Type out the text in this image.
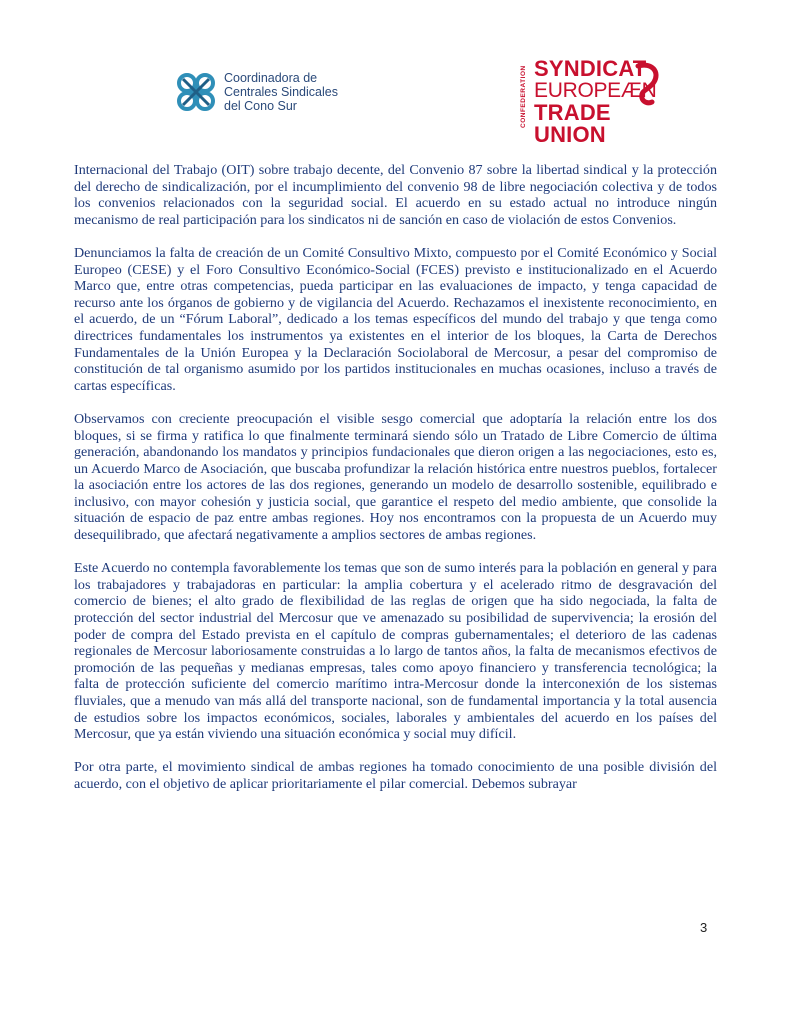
Coordinadora de
Centrales Sindicales
del Cono Sur	CONFEDERATION SYNDICAT
EUROPEÆN
TRADE UNION

Internacional del Trabajo (OIT) sobre trabajo decente, del Convenio 87 sobre la libertad sindical y la protección del derecho de sindicalización, por el incumplimiento del convenio 98 de libre negociación colectiva y de todos los convenios relacionados con la seguridad social. El acuerdo en su estado actual no introduce ningún mecanismo de real participación para los sindicatos ni de sanción en caso de violación de estos Convenios.

Denunciamos la falta de creación de un Comité Consultivo Mixto, compuesto por el Comité Económico y Social Europeo (CESE) y el Foro Consultivo Económico-Social (FCES) previsto e institucionalizado en el Acuerdo Marco que, entre otras competencias, pueda participar en las evaluaciones de impacto, y tenga capacidad de recurso ante los órganos de gobierno y de vigilancia del Acuerdo. Rechazamos el inexistente reconocimiento, en el acuerdo, de un “Fórum Laboral”, dedicado a los temas específicos del mundo del trabajo y que tenga como directrices fundamentales los instrumentos ya existentes en el interior de los bloques, la Carta de Derechos Fundamentales de la Unión Europea y la Declaración Sociolaboral de Mercosur, a pesar del compromiso de constitución de tal organismo asumido por los partidos institucionales en muchas ocasiones, incluso a través de cartas específicas.

Observamos con creciente preocupación el visible sesgo comercial que adoptaría la relación entre los dos bloques, si se firma y ratifica lo que finalmente terminará siendo sólo un Tratado de Libre Comercio de última generación, abandonando los mandatos y principios fundacionales que dieron origen a las negociaciones, esto es, un Acuerdo Marco de Asociación, que buscaba profundizar la relación histórica entre nuestros pueblos, fortalecer la asociación entre los actores de las dos regiones, generando un modelo de desarrollo sostenible, equilibrado e inclusivo, con mayor cohesión y justicia social, que garantice el respeto del medio ambiente, que consolide la situación de espacio de paz entre ambas regiones. Hoy nos encontramos con la propuesta de un Acuerdo muy desequilibrado, que afectará negativamente a amplios sectores de ambas regiones.

Este Acuerdo no contempla favorablemente los temas que son de sumo interés para la población en general y para los trabajadores y trabajadoras en particular: la amplia cobertura y el acelerado ritmo de desgravación del comercio de bienes; el alto grado de flexibilidad de las reglas de origen que ha sido negociada, la falta de protección del sector industrial del Mercosur que ve amenazado su posibilidad de supervivencia; la erosión del poder de compra del Estado prevista en el capítulo de compras gubernamentales; el deterioro de las cadenas regionales de Mercosur laboriosamente construidas a lo largo de tantos años, la falta de mecanismos efectivos de promoción de las pequeñas y medianas empresas, tales como apoyo financiero y transferencia tecnológica; la falta de protección suficiente del comercio marítimo intra-Mercosur donde la interconexión de los sistemas fluviales, que a menudo van más allá del transporte nacional, son de fundamental importancia y la total ausencia de estudios sobre los impactos económicos, sociales, laborales y ambientales del acuerdo en los países del Mercosur, que ya están viviendo una situación económica y social muy difícil.

Por otra parte, el movimiento sindical de ambas regiones ha tomado conocimiento de una posible división del acuerdo, con el objetivo de aplicar prioritariamente el pilar comercial. Debemos subrayar

3
